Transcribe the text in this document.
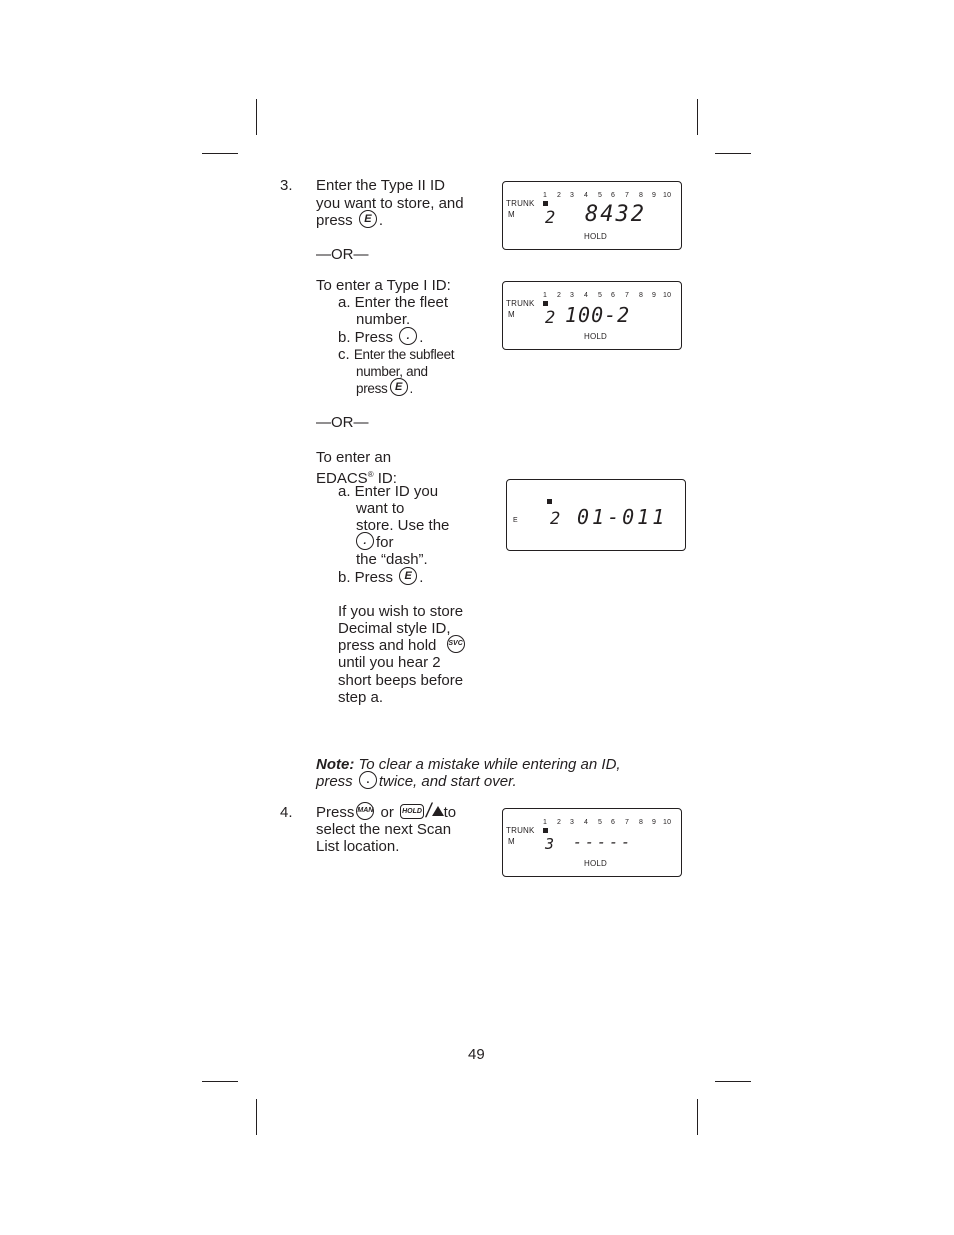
3. Enter the Type II ID
you want to store, and
press E .
—OR—
To enter a Type I ID:
a. Enter the fleet
number.
b. Press . .
c. Enter the subfleet
number, and
press E .
—OR—
To enter an
EDACS® ID:
a. Enter ID you
want to
store. Use the
. for
the “dash”.
b. Press E .
If you wish to store
Decimal style ID,
press and hold SVC
until you hear 2
short beeps before
step a.
Note: To clear a mistake while entering an ID,
press . twice, and start over.
4. Press MAN or HOLD / to
select the next Scan
List location.
1 2 3 4 5 6 7 8 9 10
TRUNK
M 2 8432
HOLD
1 2 3 4 5 6 7 8 9 10
TRUNK
M 2 100-2
HOLD
E 2 01-011
1 2 3 4 5 6 7 8 9 10
TRUNK
M 3 -----
HOLD
49
